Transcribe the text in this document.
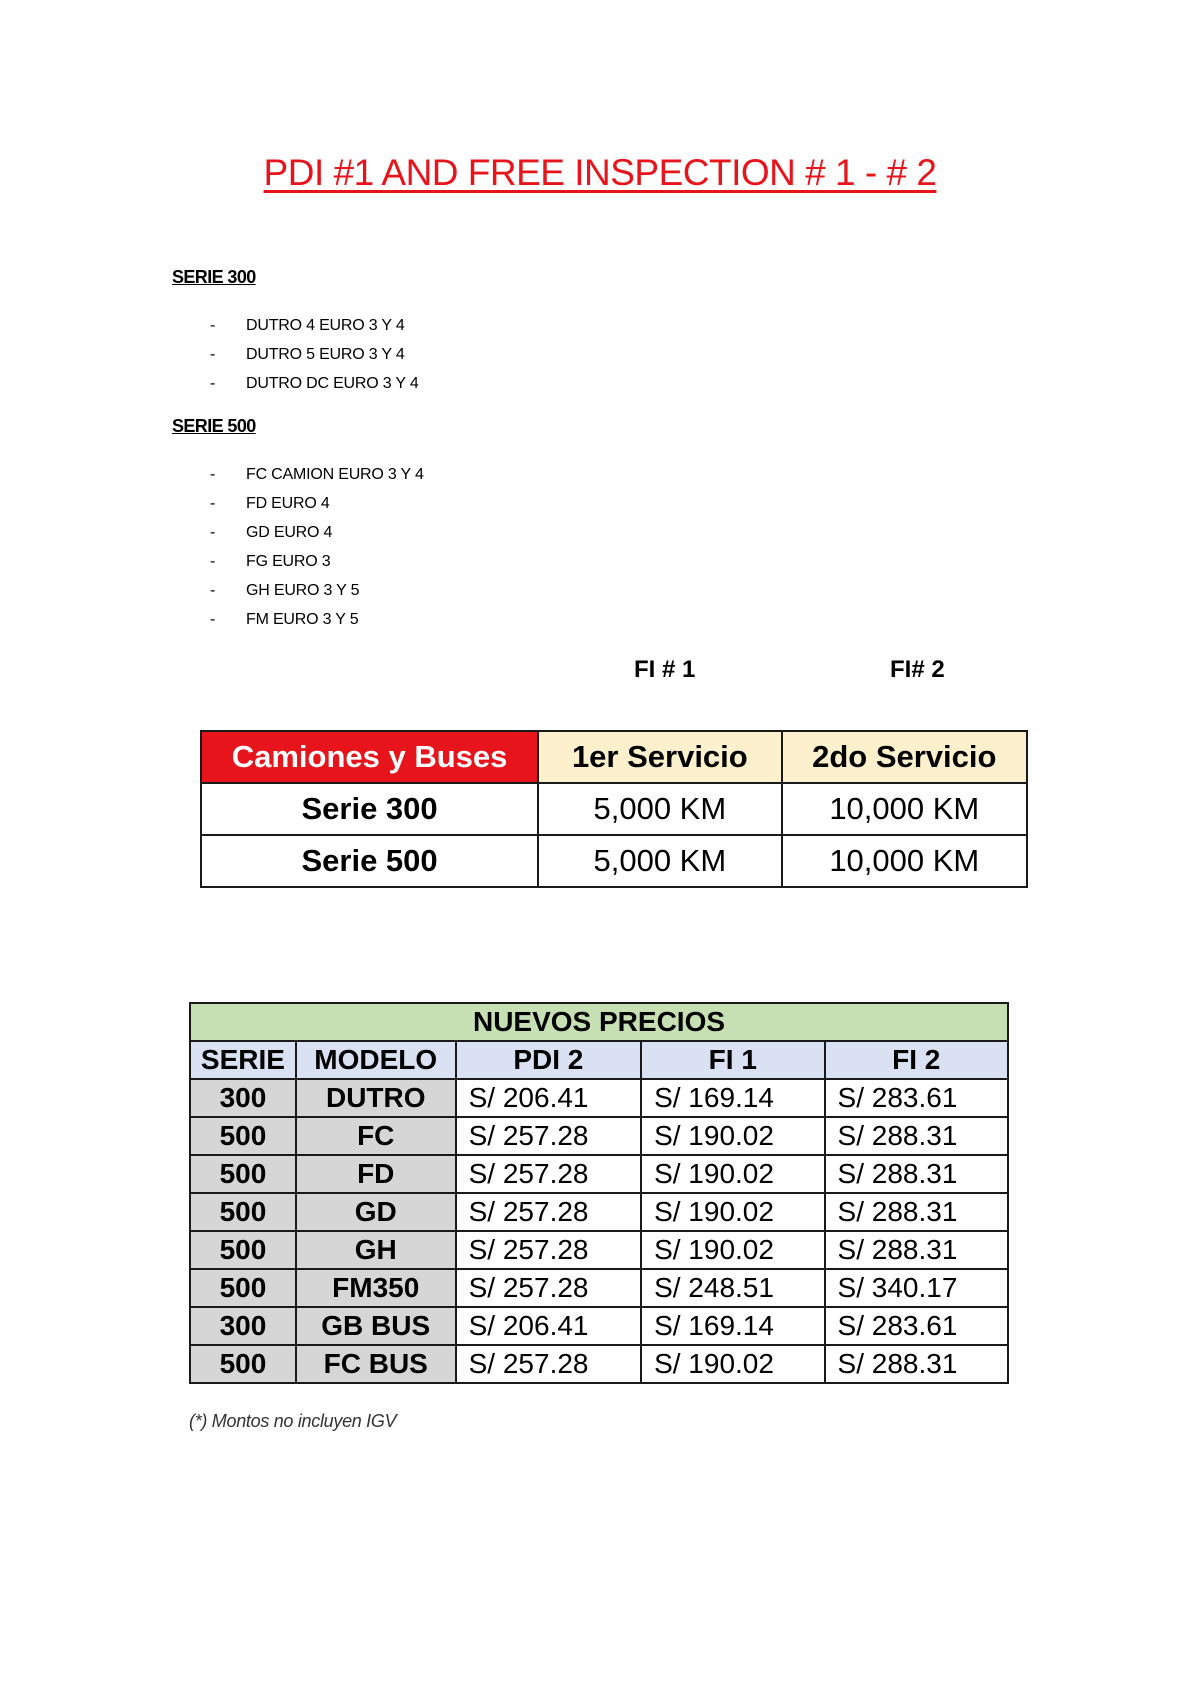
PDI #1 AND FREE INSPECTION # 1 - # 2
SERIE 300
- DUTRO 4 EURO 3 Y 4
- DUTRO 5 EURO 3 Y 4
- DUTRO DC EURO 3 Y 4
SERIE 500
- FC CAMION EURO 3 Y 4
- FD EURO 4
- GD EURO 4
- FG EURO 3
- GH EURO 3 Y 5
- FM EURO 3 Y 5
FI # 1	FI# 2
Camiones y Buses	1er Servicio	2do Servicio
Serie 300	5,000 KM	10,000 KM
Serie 500	5,000 KM	10,000 KM
NUEVOS PRECIOS				
SERIE	MODELO	PDI 2	FI 1	FI 2
300	DUTRO	S/ 206.41	S/ 169.14	S/ 283.61
500	FC	S/ 257.28	S/ 190.02	S/ 288.31
500	FD	S/ 257.28	S/ 190.02	S/ 288.31
500	GD	S/ 257.28	S/ 190.02	S/ 288.31
500	GH	S/ 257.28	S/ 190.02	S/ 288.31
500	FM350	S/ 257.28	S/ 248.51	S/ 340.17
300	GB BUS	S/ 206.41	S/ 169.14	S/ 283.61
500	FC BUS	S/ 257.28	S/ 190.02	S/ 288.31
(*) Montos no incluyen IGV
